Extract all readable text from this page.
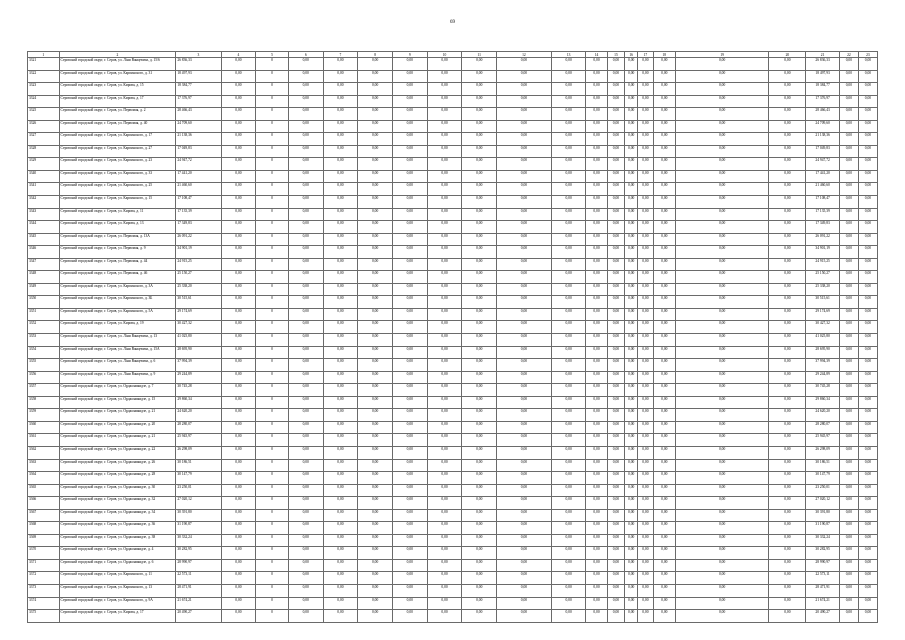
69
1	2	3	4	5	6	7	8	9	10	11	12	13	14	15	16	17	18	19	20	21	22	23
3321	Серовский городской округ, г. Серов, ул. Ліни Ванцевича, д. 15/6	26 836,33	0,00	0	0,00	0,00	0,00	0,00	0,00	0,00	0,00	0,00	0,00	0,00	0,00	0,00	0,00	0,00	0,00	26 836,33	0,00	0,00
3322	Серовский городской округ, г. Серов, ул. Карпинского, д. 31	18 497,93	0,00	0	0,00	0,00	0,00	0,00	0,00	0,00	0,00	0,00	0,00	0,00	0,00	0,00	0,00	0,00	0,00	18 497,93	0,00	0,00
3323	Серовский городской округ, г. Серов, ул. Кирова, д. 15	18 384,77	0,00	0	0,00	0,00	0,00	0,00	0,00	0,00	0,00	0,00	0,00	0,00	0,00	0,00	0,00	0,00	0,00	18 384,77	0,00	0,00
3324	Серовский городской округ, г. Серов, ул. Кирова, д. 17	17 376,97	0,00	0	0,00	0,00	0,00	0,00	0,00	0,00	0,00	0,00	0,00	0,00	0,00	0,00	0,00	0,00	0,00	17 376,97	0,00	0,00
3325	Серовский городской округ, г. Серов, ул. Первомая, д. 2	28 466,43	0,00	0	0,00	0,00	0,00	0,00	0,00	0,00	0,00	0,00	0,00	0,00	0,00	0,00	0,00	0,00	0,00	28 466,43	0,00	0,00
3326	Серовский городской округ, г. Серов, ул. Первомая, д. 40	24 709,60	0,00	0	0,00	0,00	0,00	0,00	0,00	0,00	0,00	0,00	0,00	0,00	0,00	0,00	0,00	0,00	0,00	24 709,60	0,00	0,00
3327	Серовский городской округ, г. Серов, ул. Карпинского, д. 17	21 138,36	0,00	0	0,00	0,00	0,00	0,00	0,00	0,00	0,00	0,00	0,00	0,00	0,00	0,00	0,00	0,00	0,00	21 138,36	0,00	0,00
3328	Серовский городской округ, г. Серов, ул. Карпинского, д. 27	17 049,83	0,00	0	0,00	0,00	0,00	0,00	0,00	0,00	0,00	0,00	0,00	0,00	0,00	0,00	0,00	0,00	0,00	17 049,83	0,00	0,00
3329	Серовский городской округ, г. Серов, ул. Карпинского, д. 23	24 947,72	0,00	0	0,00	0,00	0,00	0,00	0,00	0,00	0,00	0,00	0,00	0,00	0,00	0,00	0,00	0,00	0,00	24 947,72	0,00	0,00
3340	Серовский городской округ, г. Серов, ул. Карпинского, д. 33	17 441,20	0,00	0	0,00	0,00	0,00	0,00	0,00	0,00	0,00	0,00	0,00	0,00	0,00	0,00	0,00	0,00	0,00	17 441,20	0,00	0,00
3341	Серовский городской округ, г. Серов, ул. Карпинского, д. 25	21 460,60	0,00	0	0,00	0,00	0,00	0,00	0,00	0,00	0,00	0,00	0,00	0,00	0,00	0,00	0,00	0,00	0,00	21 460,60	0,00	0,00
3342	Серовский городской округ, г. Серов, ул. Карпинского, д. 15	17 108,47	0,00	0	0,00	0,00	0,00	0,00	0,00	0,00	0,00	0,00	0,00	0,00	0,00	0,00	0,00	0,00	0,00	17 108,47	0,00	0,00
3343	Серовский городской округ, г. Серов, ул. Кирова, д. 11	17 135,39	0,00	0	0,00	0,00	0,00	0,00	0,00	0,00	0,00	0,00	0,00	0,00	0,00	0,00	0,00	0,00	0,00	17 135,39	0,00	0,00
3344	Серовский городской округ, г. Серов, ул. Кирова, д. 13	17 349,83	0,00	0	0,00	0,00	0,00	0,00	0,00	0,00	0,00	0,00	0,00	0,00	0,00	0,00	0,00	0,00	0,00	17 349,83	0,00	0,00
3345	Серовский городской округ, г. Серов, ул. Первомая, д. 13А	26 091,22	0,00	0	0,00	0,00	0,00	0,00	0,00	0,00	0,00	0,00	0,00	0,00	0,00	0,00	0,00	0,00	0,00	26 091,22	0,00	0,00
3346	Серовский городской округ, г. Серов, ул. Первомая, д. 9	34 901,19	0,00	0	0,00	0,00	0,00	0,00	0,00	0,00	0,00	0,00	0,00	0,00	0,00	0,00	0,00	0,00	0,00	34 901,19	0,00	0,00
3347	Серовский городской округ, г. Серов, ул. Первомая, д. 44	24 915,25	0,00	0	0,00	0,00	0,00	0,00	0,00	0,00	0,00	0,00	0,00	0,00	0,00	0,00	0,00	0,00	0,00	24 915,25	0,00	0,00
3348	Серовский городской округ, г. Серов, ул. Первомая, д. 46	25 150,27	0,00	0	0,00	0,00	0,00	0,00	0,00	0,00	0,00	0,00	0,00	0,00	0,00	0,00	0,00	0,00	0,00	25 150,27	0,00	0,00
3349	Серовский городской округ, г. Серов, ул. Карпинского, д. 3А	25 338,20	0,00	0	0,00	0,00	0,00	0,00	0,00	0,00	0,00	0,00	0,00	0,00	0,00	0,00	0,00	0,00	0,00	25 338,20	0,00	0,00
3350	Серовский городской округ, г. Серов, ул. Карпинского, д. 3Б	30 515,61	0,00	0	0,00	0,00	0,00	0,00	0,00	0,00	0,00	0,00	0,00	0,00	0,00	0,00	0,00	0,00	0,00	30 515,61	0,00	0,00
3351	Серовский городской округ, г. Серов, ул. Карпинского, д. 5А	29 174,69	0,00	0	0,00	0,00	0,00	0,00	0,00	0,00	0,00	0,00	0,00	0,00	0,00	0,00	0,00	0,00	0,00	29 174,69	0,00	0,00
3352	Серовский городской округ, г. Серов, ул. Кирова, д. 19	30 427,32	0,00	0	0,00	0,00	0,00	0,00	0,00	0,00	0,00	0,00	0,00	0,00	0,00	0,00	0,00	0,00	0,00	30 427,32	0,00	0,00
3353	Серовский городской округ, г. Серов, ул. Ліни Ванцевича, д. 13	41 025,80	0,00	0	0,00	0,00	0,00	0,00	0,00	0,00	0,00	0,00	0,00	0,00	0,00	0,00	0,00	0,00	0,00	41 025,80	0,00	0,00
3354	Серовский городской округ, г. Серов, ул. Ліни Ванцевича, д. 15А	28 695,90	0,00	0	0,00	0,00	0,00	0,00	0,00	0,00	0,00	0,00	0,00	0,00	0,00	0,00	0,00	0,00	0,00	28 695,90	0,00	0,00
3355	Серовский городской округ, г. Серов, ул. Ліни Ванцевича, д. 6	37 994,39	0,00	0	0,00	0,00	0,00	0,00	0,00	0,00	0,00	0,00	0,00	0,00	0,00	0,00	0,00	0,00	0,00	37 994,39	0,00	0,00
3356	Серовский городской округ, г. Серов, ул. Ліни Ванцевича, д. 9	29 244,89	0,00	0	0,00	0,00	0,00	0,00	0,00	0,00	0,00	0,00	0,00	0,00	0,00	0,00	0,00	0,00	0,00	29 244,89	0,00	0,00
3357	Серовский городской округ, г. Серов, ул. Орджоникидзе, д. 7	30 745,28	0,00	0	0,00	0,00	0,00	0,00	0,00	0,00	0,00	0,00	0,00	0,00	0,00	0,00	0,00	0,00	0,00	30 745,28	0,00	0,00
3358	Серовский городской округ, г. Серов, ул. Орджоникидзе, д. 15	29 860,34	0,00	0	0,00	0,00	0,00	0,00	0,00	0,00	0,00	0,00	0,00	0,00	0,00	0,00	0,00	0,00	0,00	29 860,34	0,00	0,00
3359	Серовский городской округ, г. Серов, ул. Орджоникидзе, д. 21	24 620,20	0,00	0	0,00	0,00	0,00	0,00	0,00	0,00	0,00	0,00	0,00	0,00	0,00	0,00	0,00	0,00	0,00	24 620,20	0,00	0,00
3360	Серовский городской округ, г. Серов, ул. Орджоникидзе, д. 20	28 280,07	0,00	0	0,00	0,00	0,00	0,00	0,00	0,00	0,00	0,00	0,00	0,00	0,00	0,00	0,00	0,00	0,00	28 280,07	0,00	0,00
3361	Серовский городской округ, г. Серов, ул. Орджоникидзе, д. 21	25 945,97	0,00	0	0,00	0,00	0,00	0,00	0,00	0,00	0,00	0,00	0,00	0,00	0,00	0,00	0,00	0,00	0,00	25 945,97	0,00	0,00
3362	Серовский городской округ, г. Серов, ул. Орджоникидзе, д. 22	26 298,09	0,00	0	0,00	0,00	0,00	0,00	0,00	0,00	0,00	0,00	0,00	0,00	0,00	0,00	0,00	0,00	0,00	26 298,09	0,00	0,00
3363	Серовский городской округ, г. Серов, ул. Орджоникидзе, д. 26	30 186,51	0,00	0	0,00	0,00	0,00	0,00	0,00	0,00	0,00	0,00	0,00	0,00	0,00	0,00	0,00	0,00	0,00	30 186,51	0,00	0,00
3364	Серовский городской округ, г. Серов, ул. Орджоникидзе, д. 28	30 147,79	0,00	0	0,00	0,00	0,00	0,00	0,00	0,00	0,00	0,00	0,00	0,00	0,00	0,00	0,00	0,00	0,00	30 147,79	0,00	0,00
3365	Серовский городской округ, г. Серов, ул. Орджоникидзе, д. 30	23 250,01	0,00	0	0,00	0,00	0,00	0,00	0,00	0,00	0,00	0,00	0,00	0,00	0,00	0,00	0,00	0,00	0,00	23 250,01	0,00	0,00
3366	Серовский городской округ, г. Серов, ул. Орджоникидзе, д. 32	27 020,12	0,00	0	0,00	0,00	0,00	0,00	0,00	0,00	0,00	0,00	0,00	0,00	0,00	0,00	0,00	0,00	0,00	27 020,12	0,00	0,00
3367	Серовский городской округ, г. Серов, ул. Орджоникидзе, д. 34	30 391,80	0,00	0	0,00	0,00	0,00	0,00	0,00	0,00	0,00	0,00	0,00	0,00	0,00	0,00	0,00	0,00	0,00	30 391,80	0,00	0,00
3368	Серовский городской округ, г. Серов, ул. Орджоникидзе, д. 36	31 190,87	0,00	0	0,00	0,00	0,00	0,00	0,00	0,00	0,00	0,00	0,00	0,00	0,00	0,00	0,00	0,00	0,00	31 190,87	0,00	0,00
3369	Серовский городской округ, г. Серов, ул. Орджоникидзе, д. 38	30 332,24	0,00	0	0,00	0,00	0,00	0,00	0,00	0,00	0,00	0,00	0,00	0,00	0,00	0,00	0,00	0,00	0,00	30 332,24	0,00	0,00
3370	Серовский городской округ, г. Серов, ул. Орджоникидзе, д. 4	30 282,95	0,00	0	0,00	0,00	0,00	0,00	0,00	0,00	0,00	0,00	0,00	0,00	0,00	0,00	0,00	0,00	0,00	30 282,95	0,00	0,00
3371	Серовский городской округ, г. Серов, ул. Орджоникидзе, д. 6	28 990,97	0,00	0	0,00	0,00	0,00	0,00	0,00	0,00	0,00	0,00	0,00	0,00	0,00	0,00	0,00	0,00	0,00	28 990,97	0,00	0,00
3372	Серовский городской округ, г. Серов, ул. Карпинского, д. 11	22 573,11	0,00	0	0,00	0,00	0,00	0,00	0,00	0,00	0,00	0,00	0,00	0,00	0,00	0,00	0,00	0,00	0,00	22 573,11	0,00	0,00
3373	Серовский городской округ, г. Серов, ул. Карпинского, д. 13	28 471,91	0,00	0	0,00	0,00	0,00	0,00	0,00	0,00	0,00	0,00	0,00	0,00	0,00	0,00	0,00	0,00	0,00	28 471,91	0,00	0,00
3374	Серовский городской округ, г. Серов, ул. Карпинского, д. 9А	21 674,21	0,00	0	0,00	0,00	0,00	0,00	0,00	0,00	0,00	0,00	0,00	0,00	0,00	0,00	0,00	0,00	0,00	21 674,21	0,00	0,00
3375	Серовский городской округ, г. Серов, ул. Кирова, д. 17	20 490,27	0,00	0	0,00	0,00	0,00	0,00	0,00	0,00	0,00	0,00	0,00	0,00	0,00	0,00	0,00	0,00	0,00	20 490,27	0,00	0,00
